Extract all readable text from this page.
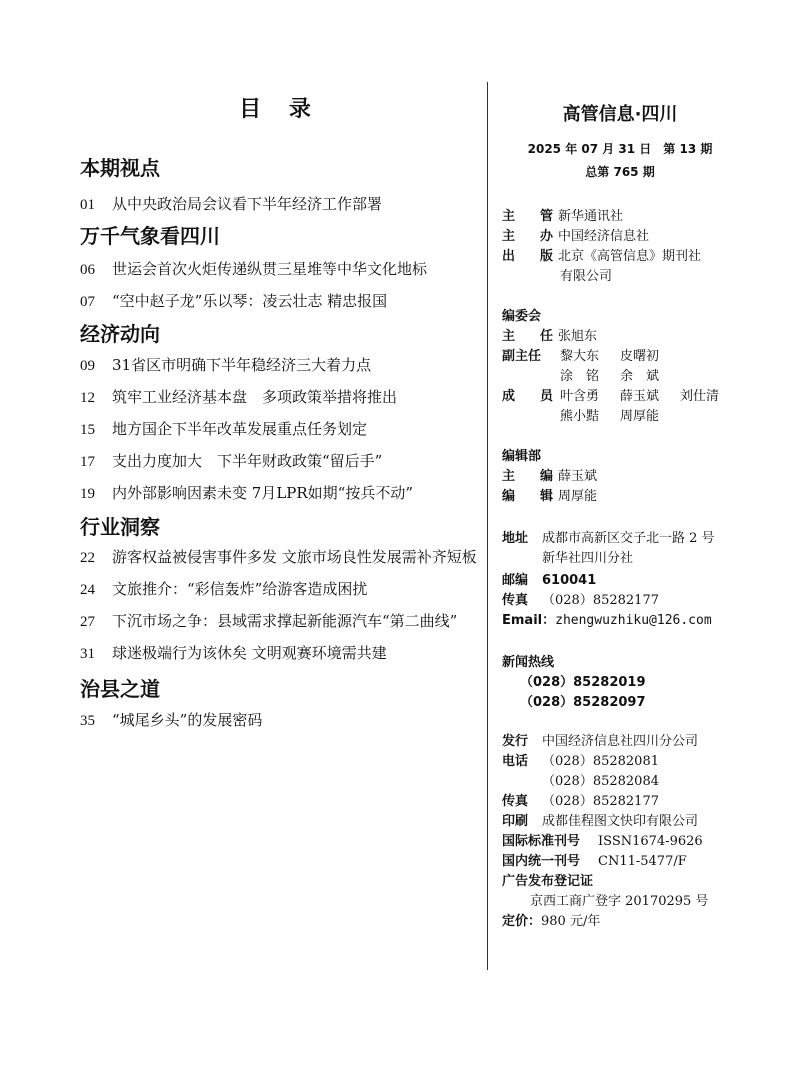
目 录
本期视点
01 从中央政治局会议看下半年经济工作部署
万千气象看四川
06 世运会首次火炬传递纵贯三星堆等中华文化地标
07 “空中赵子龙”乐以琴：凌云壮志 精忠报国
经济动向
09 31省区市明确下半年稳经济三大着力点
12 筑牢工业经济基本盘　多项政策举措将推出
15 地方国企下半年改革发展重点任务划定
17 支出力度加大　下半年财政政策“留后手”
19 内外部影响因素未变 7月LPR如期“按兵不动”
行业洞察
22 游客权益被侵害事件多发 文旅市场良性发展需补齐短板
24 文旅推介：“彩信轰炸”给游客造成困扰
27 下沉市场之争：县域需求撑起新能源汽车“第二曲线”
31 球迷极端行为该休矣 文明观赛环境需共建
治县之道
35 “城尾乡头”的发展密码
高管信息·四川
2025 年 07 月 31 日　第 13 期
总第 765 期
主　管新华通讯社
主　办中国经济信息社
出　版北京《高管信息》期刊社
有限公司
编委会
主　任张旭东
副主任	黎大东 皮曙初
涂　铭 余　斌
成　员 叶含勇 薛玉斌 刘仕清
熊小黠 周厚能
编辑部
主　编薛玉斌
编　辑周厚能
地址 成都市高新区交子北一路 2 号
新华社四川分社
邮编 610041
传真 （028）85282177
Email：zhengwuzhiku@126.com
新闻热线
（028）85282019
（028）85282097
发行 中国经济信息社四川分公司
电话 （028）85282081
（028）85282084
传真 （028）85282177
印刷 成都佳程图文快印有限公司
国际标准刊号 ISSN1674-9626
国内统一刊号 CN11-5477/F
广告发布登记证
京西工商广登字 20170295 号
定价：980 元/年
